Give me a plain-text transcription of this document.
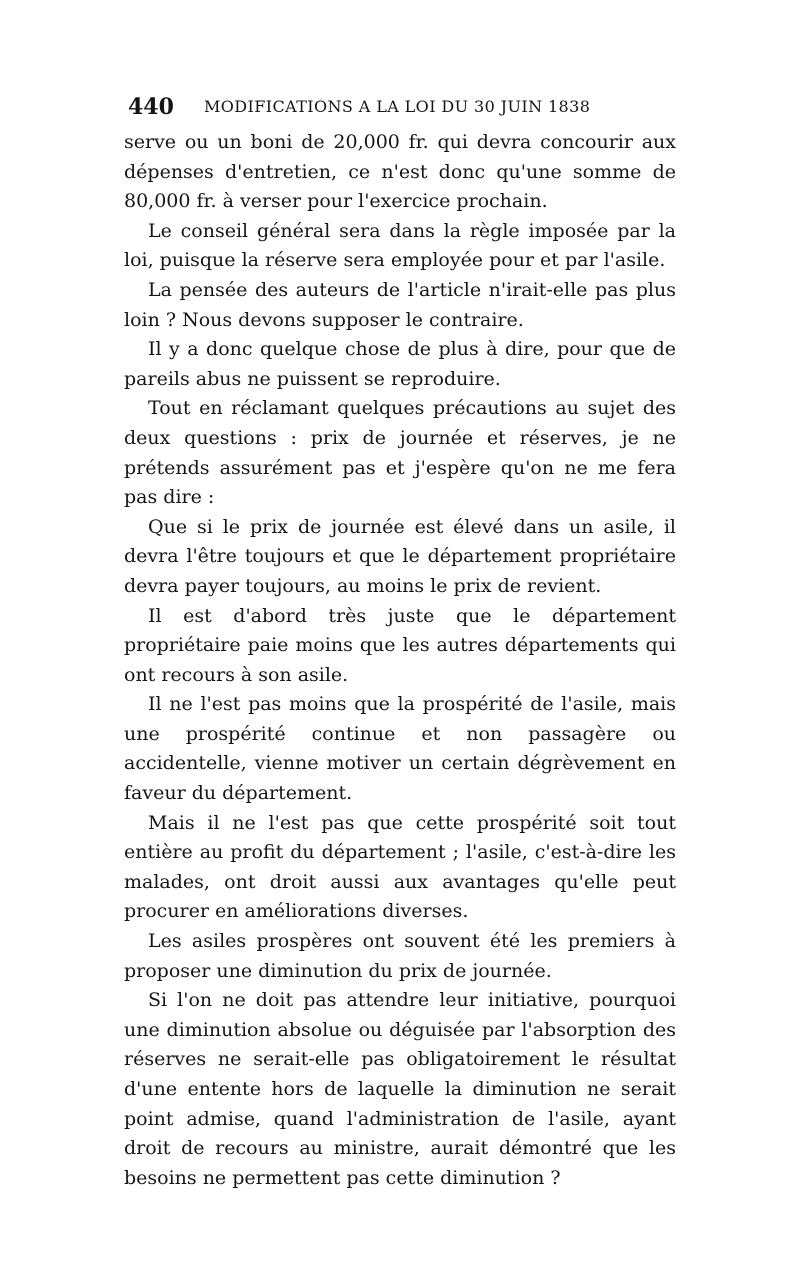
440 MODIFICATIONS A LA LOI DU 30 JUIN 1838

serve ou un boni de 20,000 fr. qui devra concourir aux dépenses d'entretien, ce n'est donc qu'une somme de 80,000 fr. à verser pour l'exercice prochain.

Le conseil général sera dans la règle imposée par la loi, puisque la réserve sera employée pour et par l'asile.

La pensée des auteurs de l'article n'irait-elle pas plus loin ? Nous devons supposer le contraire.

Il y a donc quelque chose de plus à dire, pour que de pareils abus ne puissent se reproduire.

Tout en réclamant quelques précautions au sujet des deux questions : prix de journée et réserves, je ne prétends assurément pas et j'espère qu'on ne me fera pas dire :

Que si le prix de journée est élevé dans un asile, il devra l'être toujours et que le département propriétaire devra payer toujours, au moins le prix de revient.

Il est d'abord très juste que le département propriétaire paie moins que les autres départements qui ont recours à son asile.

Il ne l'est pas moins que la prospérité de l'asile, mais une prospérité continue et non passagère ou accidentelle, vienne motiver un certain dégrèvement en faveur du département.

Mais il ne l'est pas que cette prospérité soit tout entière au profit du département ; l'asile, c'est-à-dire les malades, ont droit aussi aux avantages qu'elle peut procurer en améliorations diverses.

Les asiles prospères ont souvent été les premiers à proposer une diminution du prix de journée.

Si l'on ne doit pas attendre leur initiative, pourquoi une diminution absolue ou déguisée par l'absorption des réserves ne serait-elle pas obligatoirement le résultat d'une entente hors de laquelle la diminution ne serait point admise, quand l'administration de l'asile, ayant droit de recours au ministre, aurait démontré que les besoins ne permettent pas cette diminution ?
